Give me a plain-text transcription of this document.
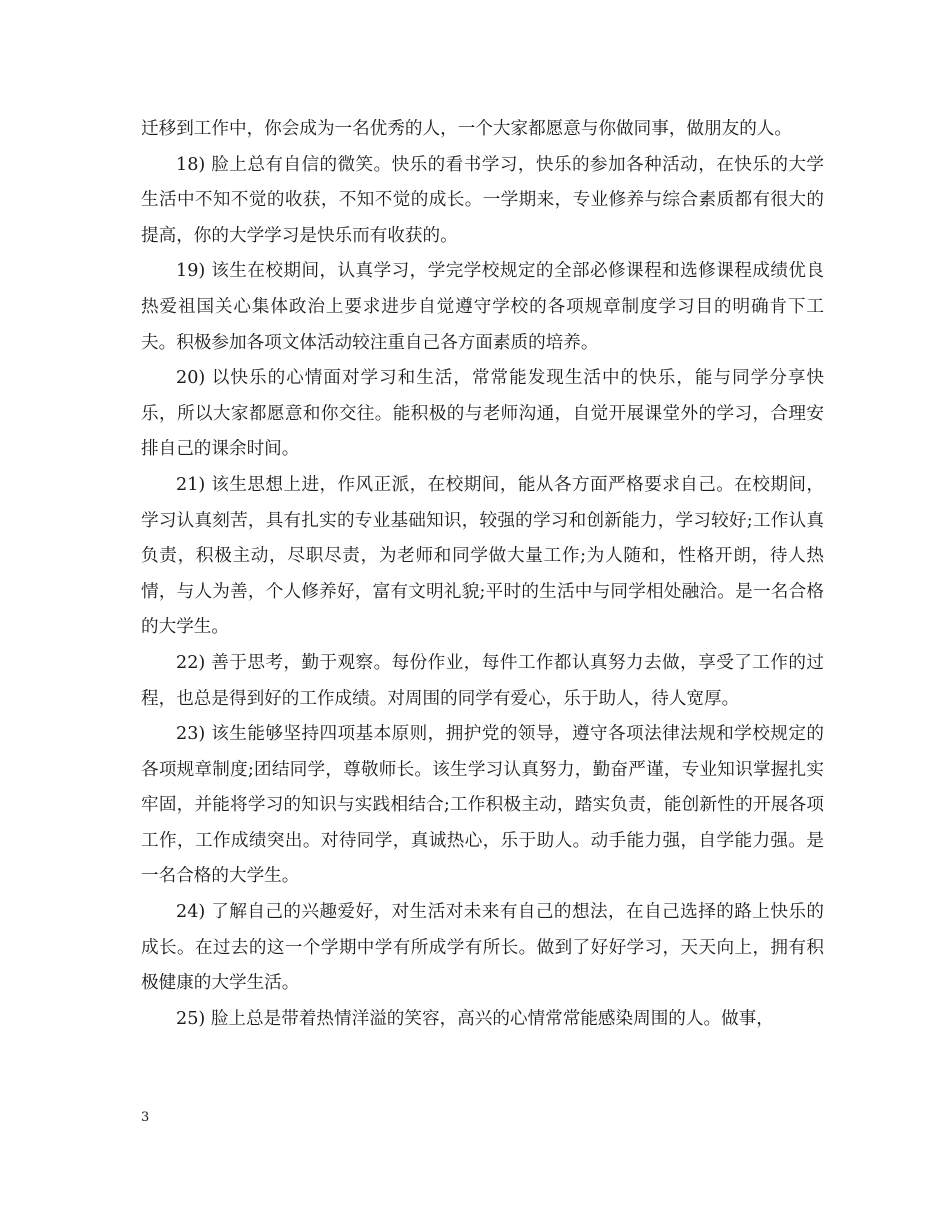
迁移到工作中，你会成为一名优秀的人，一个大家都愿意与你做同事，做朋友的人。

18) 脸上总有自信的微笑。快乐的看书学习，快乐的参加各种活动，在快乐的大学生活中不知不觉的收获，不知不觉的成长。一学期来，专业修养与综合素质都有很大的提高，你的大学学习是快乐而有收获的。

19) 该生在校期间，认真学习，学完学校规定的全部必修课程和选修课程成绩优良热爱祖国关心集体政治上要求进步自觉遵守学校的各项规章制度学习目的明确肯下工夫。积极参加各项文体活动较注重自己各方面素质的培养。

20) 以快乐的心情面对学习和生活，常常能发现生活中的快乐，能与同学分享快乐，所以大家都愿意和你交往。能积极的与老师沟通，自觉开展课堂外的学习，合理安排自己的课余时间。

21) 该生思想上进，作风正派，在校期间，能从各方面严格要求自己。在校期间，学习认真刻苦，具有扎实的专业基础知识，较强的学习和创新能力，学习较好;工作认真负责，积极主动，尽职尽责，为老师和同学做大量工作;为人随和，性格开朗，待人热情，与人为善，个人修养好，富有文明礼貌;平时的生活中与同学相处融洽。是一名合格的大学生。

22) 善于思考，勤于观察。每份作业，每件工作都认真努力去做，享受了工作的过程，也总是得到好的工作成绩。对周围的同学有爱心，乐于助人，待人宽厚。

23) 该生能够坚持四项基本原则，拥护党的领导，遵守各项法律法规和学校规定的各项规章制度;团结同学，尊敬师长。该生学习认真努力，勤奋严谨，专业知识掌握扎实牢固，并能将学习的知识与实践相结合;工作积极主动，踏实负责，能创新性的开展各项工作，工作成绩突出。对待同学，真诚热心，乐于助人。动手能力强，自学能力强。是一名合格的大学生。

24) 了解自己的兴趣爱好，对生活对未来有自己的想法，在自己选择的路上快乐的成长。在过去的这一个学期中学有所成学有所长。做到了好好学习，天天向上，拥有积极健康的大学生活。

25) 脸上总是带着热情洋溢的笑容，高兴的心情常常能感染周围的人。做事，

3
